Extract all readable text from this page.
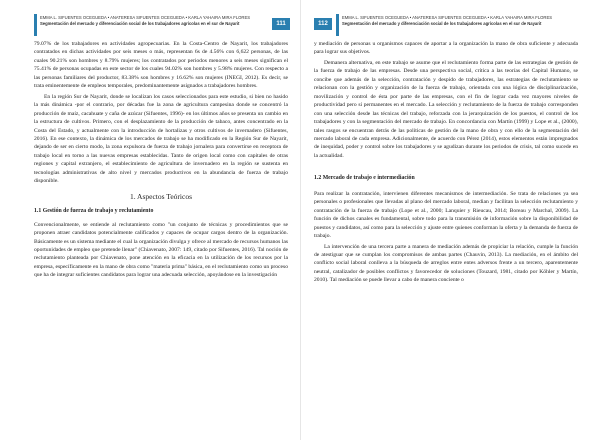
EMMA L. SIFUENTES OCEGUEDA • ANATERESA SIFUENTES OCEGUEDA • KARLA YAHAIRA MIRA FLORES
Segmentación del mercado y diferenciación social de los trabajadores agrícolas en el sur de Nayarit	111

79.07% de los trabajadores en actividades agropecuarias. En la Costa-Centro de Nayarit, los trabajadores contratados en dichas actividades por seis meses o más, representan 6s de 4.56% con 6,622 personas, de las cuales 90.21% son hombres y 8.79% mujeres; los contratados por periodos menores a seis meses significan el 75.41% de personas ocupadas en este sector de los cuales 94.02% son hombres y 5.98% mujeres. Con respecto a las personas familiares del productor, 83.38% son hombres y 16.62% son mujeres (INEGI, 2012). Es decir, se trata eminentemente de empleos temporales, predominantemente asignados a trabajadores hombres.

En la región Sur de Nayarit, donde se localizan los casos seleccionados para este estudio, si bien no hasido la más dinámica -por el contrario, por décadas fue la zona de agricultura campesina donde se concentró la producción de maíz, cacahuate y caña de azúcar (Sifuentes, 1996)- en los últimos años se presenta un cambio en la estructura de cultivos. Primero, con el desplazamiento de la producción de tabaco, antes concentrado en la Costa del Estado, y actualmente con la introducción de hortalizas y otros cultivos de invernadero (Sifuentes, 2016). En ese contexto, la dinámica de los mercados de trabajo se ha modificado en la Región Sur de Nayarit, dejando de ser en cierto modo, la zona expulsora de fuerza de trabajo jornalera para convertirse en receptora de trabajo local en torno a las nuevas empresas establecidas. Tanto de origen local como con capitales de otras regiones y capital extranjero, el establecimiento de agricultura de invernadero en la región se sustenta en tecnologías administrativas de alto nivel y mercados productivos en la abundancia de fuerza de trabajo disponible.

1. Aspectos Teóricos
1.1 Gestión de fuerza de trabajo y reclutamiento

Convencionalmente, se entiende al reclutamiento como "un conjunto de técnicas y procedimientos que se proponen atraer candidatos potencialmente calificados y capaces de ocupar cargos dentro de la organización. Básicamente es un sistema mediante el cual la organización divulga y ofrece al mercado de recursos humanos las oportunidades de empleo que pretende llenar" (Chiavenato, 2007: 149, citado por Sifuentes, 2016). Tal noción de reclutamiento planteada por Chiavenato, pone atención en la eficacia en la utilización de los recursos por la empresa, específicamente en la mano de obra como "materia prima" básica, en el reclutamiento como un proceso que ha de integrar suficientes candidatos para lograr una adecuada selección, apoyándose en la investigación

112
EMMA L. SIFUENTES OCEGUEDA • ANATERESA SIFUENTES OCEGUEDA • KARLA YAHAIRA MIRA FLORES
Segmentación del mercado y diferenciación social de los trabajadores agrícolas en el sur de Nayarit

y mediación de personas u organismos capaces de aportar a la organización la mano de obra suficiente y adecuada para lograr sus objetivos.

Demanera alternativa, en este trabajo se asume que el reclutamiento forma parte de las estrategias de gestión de la fuerza de trabajo de las empresas. Desde una perspectiva social, crítica a las teorías del Capital Humano, se concibe que además de la selección, contratación y despido de trabajadores, las estrategias de reclutamiento se relacionan con la gestión y organización de la fuerza de trabajo, orientada con una lógica de disciplinarización, movilización y control de ésta por parte de las empresas, con el fin de lograr cada vez mayores niveles de productividad pero sí permanentes en el mercado. La selección y reclutamiento de la fuerza de trabajo corresponden con una selección desde las técnicas del trabajo, reforzada con la jerarquización de los puestos, el control de los trabajadores y con la segmentación del mercado de trabajo. En concordancia con Martín (1999) y Lope et al., (2000), tales rasgos se encuentran detrás de las políticas de gestión de la mano de obra y con ello de la segmentación del mercado laboral de cada empresa. Adicionalmente, de acuerdo con Pérez (2014), estos elementos están impregnados de inequidad, poder y control sobre los trabajadores y se agudizan durante los periodos de crisis, tal como sucede en la actualidad.

1.2 Mercado de trabajo e intermediación

Para realizar la contratación, intervienen diferentes mecanismos de intermediación. Se trata de relaciones ya sea personales o profesionales que llevadas al plano del mercado laboral, median y facilitan la selección reclutamiento y contratación de la fuerza de trabajo (Lope et al., 2000; Lanquier y Rieucau, 2014; Boreau y Marchal, 2009). La función de dichos canales es fundamental, sobre todo para la transmisión de información sobre la disponibilidad de puestos y candidatos, así como para la selección y ajuste entre quienes conforman la oferta y la demanda de fuerza de trabajo.

La intervención de una tercera parte a manera de mediación además de propiciar la relación, cumple la función de atestiguar que se cumplan los compromisos de ambas partes (Chauvin, 2013). La mediación, en el ámbito del conflicto social laboral conlleva a la búsqueda de arreglos entre entes adversos frente a un tercero, aparentemente neutral, catalizador de posibles conflictos y favorecedor de soluciones (Touzard, 1981, citado por Köhler y Martín, 2010). Tal mediación se puede llevar a cabo de manera conciente o
